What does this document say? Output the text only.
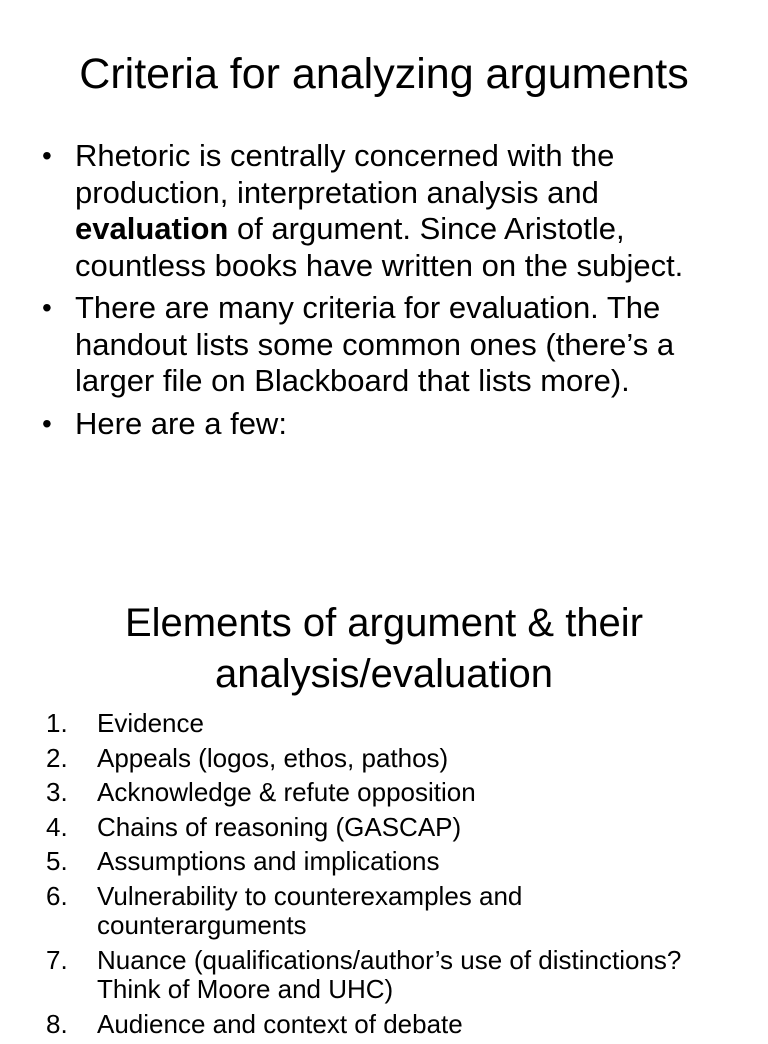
Criteria for analyzing arguments
• Rhetoric is centrally concerned with the production, interpretation analysis and evaluation of argument. Since Aristotle, countless books have written on the subject.
• There are many criteria for evaluation. The handout lists some common ones (there’s a larger file on Blackboard that lists more).
• Here are a few:
Elements of argument & their analysis/evaluation
1. Evidence
2. Appeals (logos, ethos, pathos)
3. Acknowledge & refute opposition
4. Chains of reasoning (GASCAP)
5. Assumptions and implications
6. Vulnerability to counterexamples and counterarguments
7. Nuance (qualifications/author’s use of distinctions? Think of Moore and UHC)
8. Audience and context of debate
